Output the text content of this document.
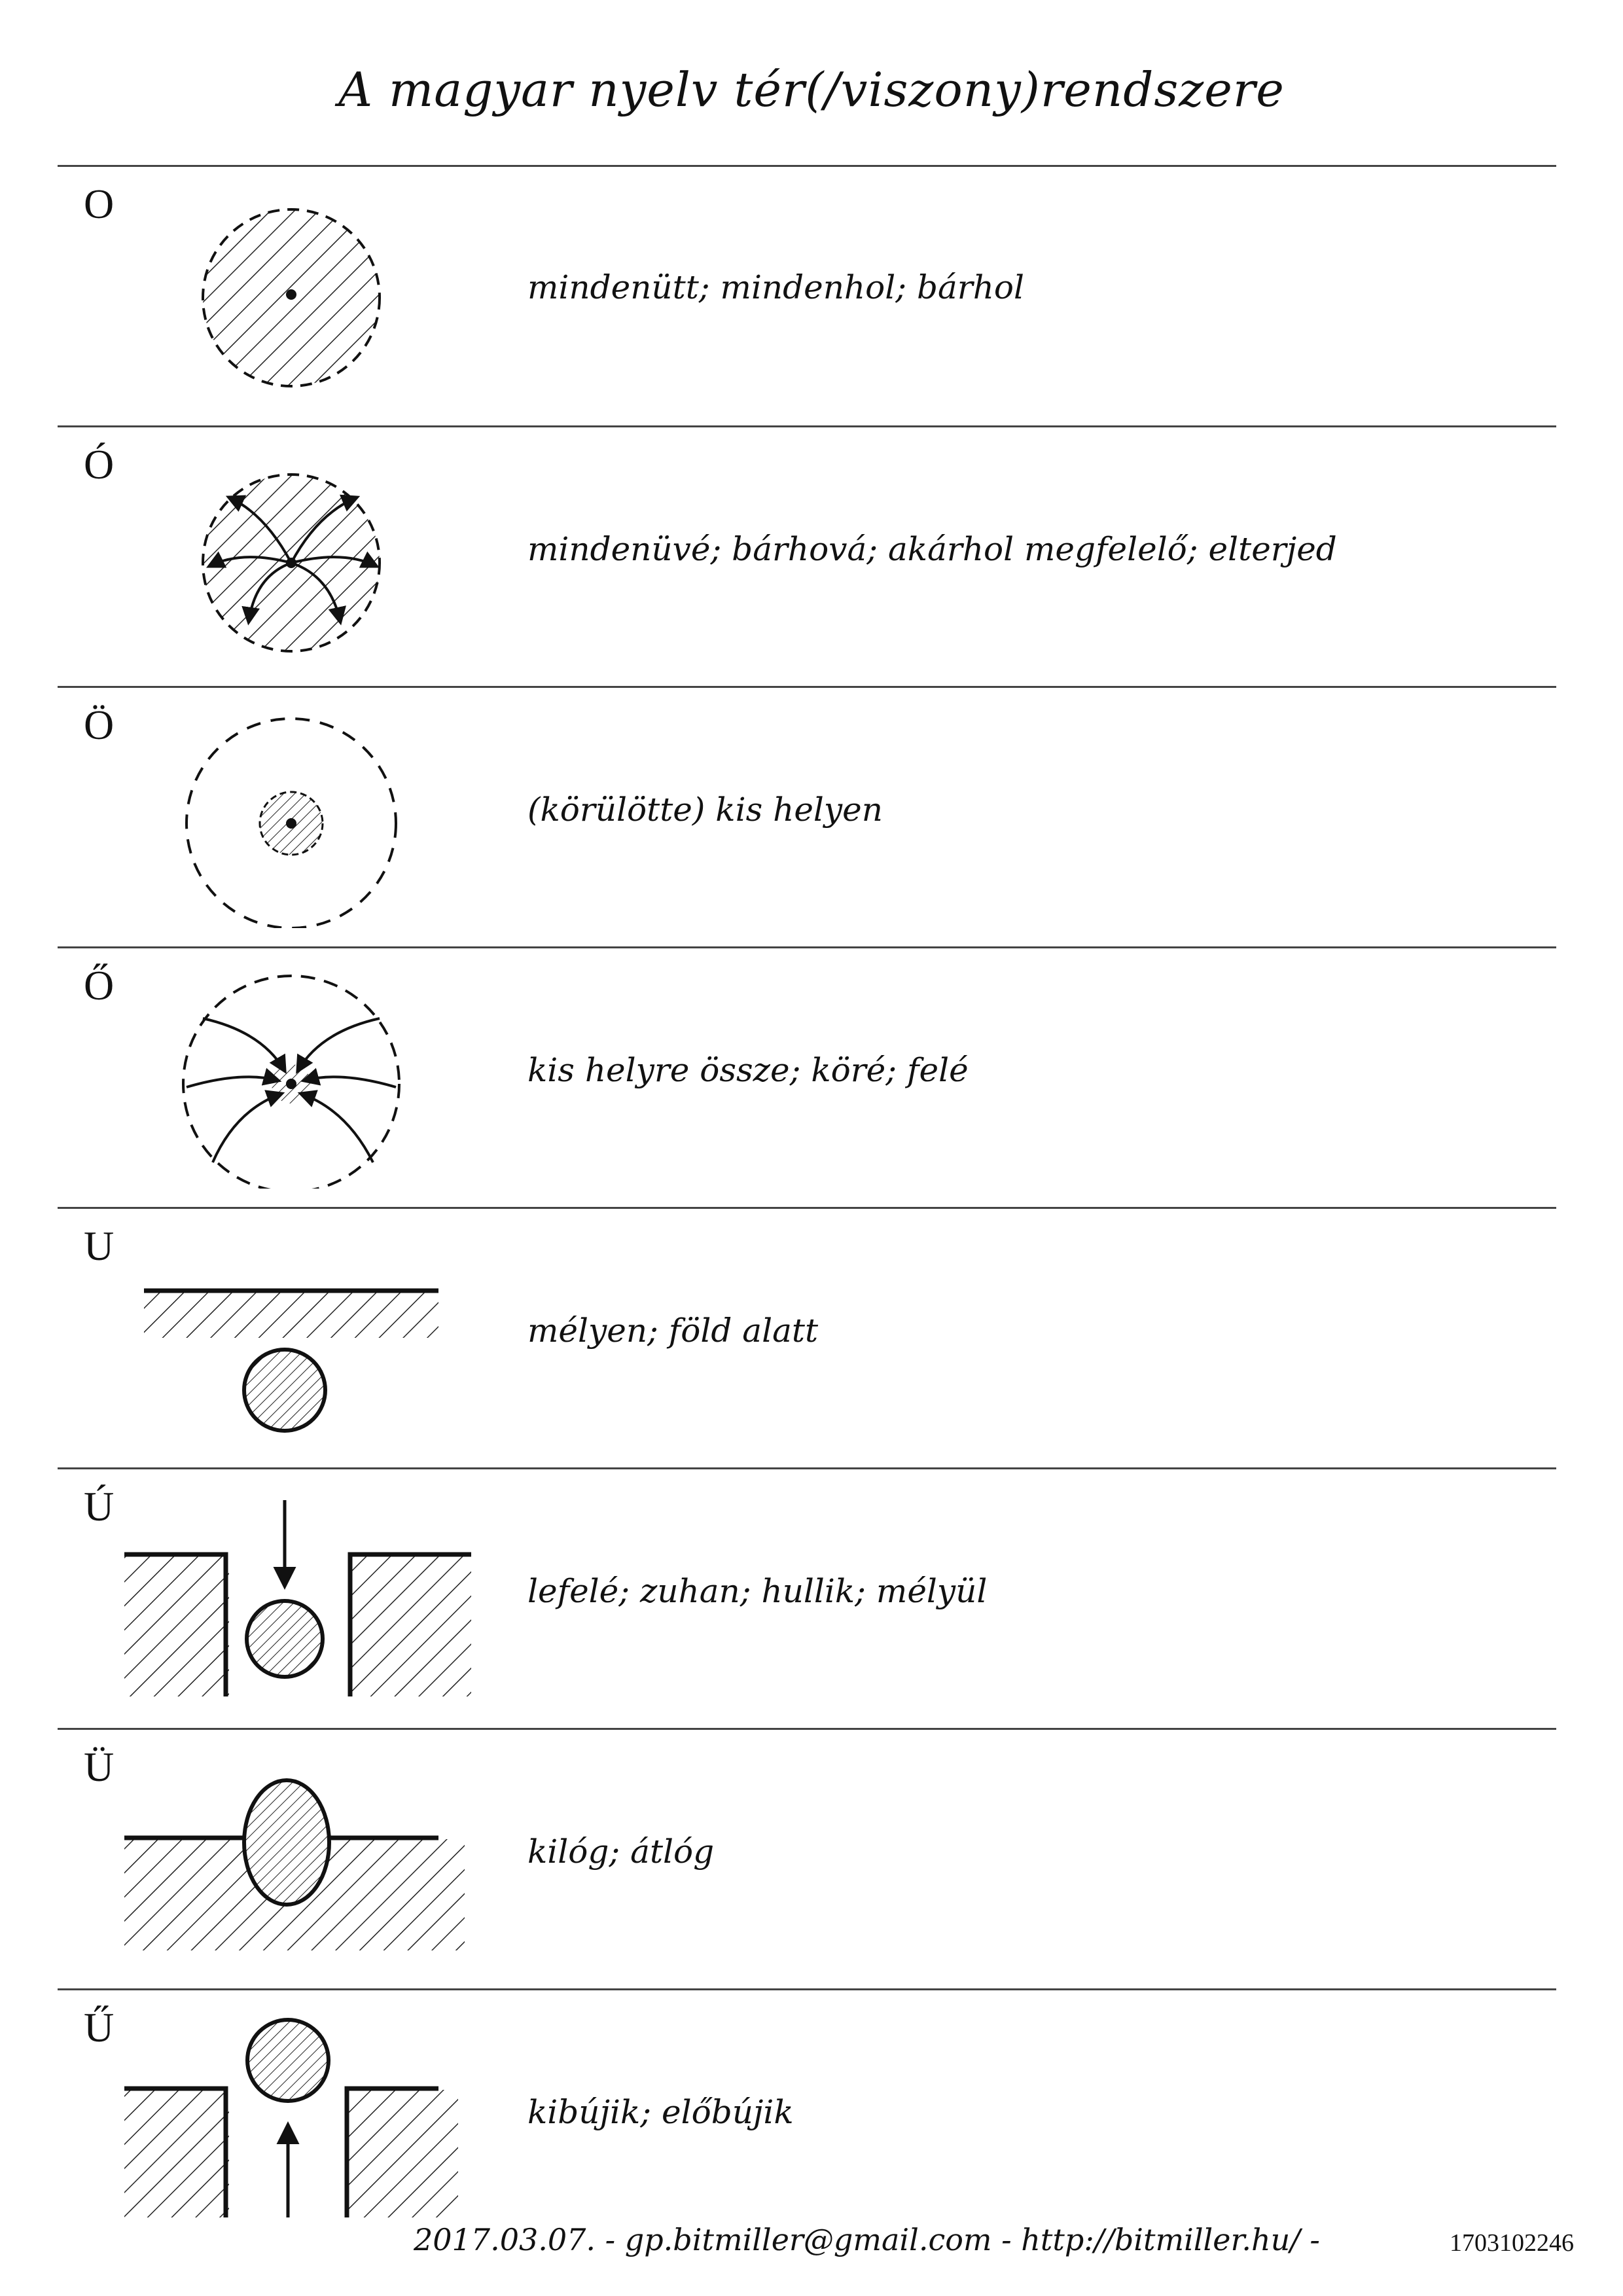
A magyar nyelv tér(/viszony)rendszere
O
mindenütt; mindenhol; bárhol
Ó
mindenüvé; bárhová; akárhol megfelelő; elterjed
Ö
(körülötte) kis helyen
Ő
kis helyre össze; köré; felé
U
mélyen; föld alatt
Ú
lefelé; zuhan; hullik; mélyül
Ü
kilóg; átlóg
Ű
kibújik; előbújik
2017.03.07. - gp.bitmiller@gmail.com - http://bitmiller.hu/ -	1703102246
